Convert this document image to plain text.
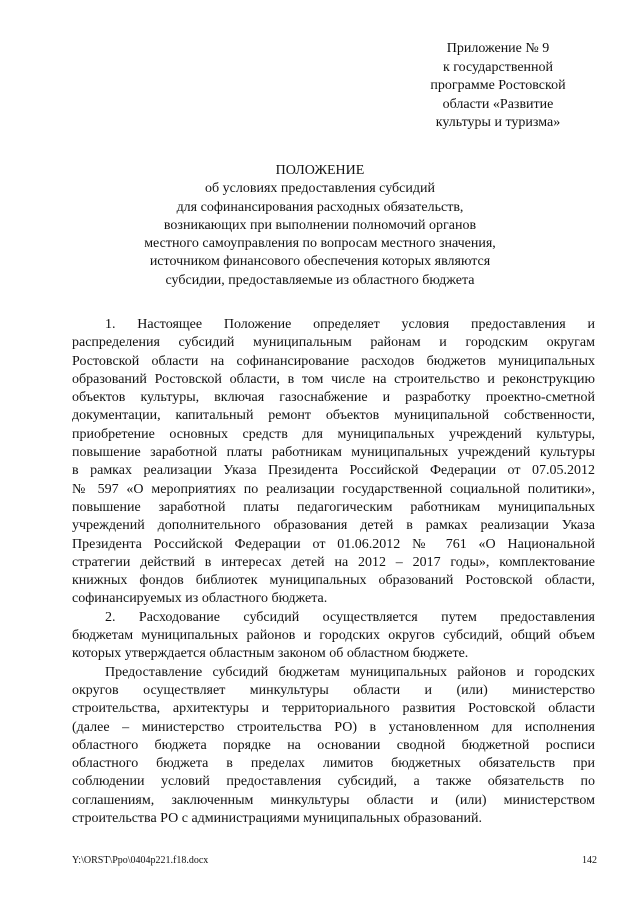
Приложение № 9
к государственной
программе Ростовской
области «Развитие
культуры и туризма»
ПОЛОЖЕНИЕ
об условиях предоставления субсидий
для софинансирования расходных обязательств,
возникающих при выполнении полномочий органов
местного самоуправления по вопросам местного значения,
источником финансового обеспечения которых являются
субсидии, предоставляемые из областного бюджета
1. Настоящее Положение определяет условия предоставления и
распределения субсидий муниципальным районам и городским округам
Ростовской области на софинансирование расходов бюджетов муниципальных
образований Ростовской области, в том числе на строительство и реконструкцию
объектов культуры, включая газоснабжение и разработку проектно-сметной
документации, капитальный ремонт объектов муниципальной собственности,
приобретение основных средств для муниципальных учреждений культуры,
повышение заработной платы работникам муниципальных учреждений культуры
в рамках реализации Указа Президента Российской Федерации от 07.05.2012
№ 597 «О мероприятиях по реализации государственной социальной политики»,
повышение заработной платы педагогическим работникам муниципальных
учреждений дополнительного образования детей в рамках реализации Указа
Президента Российской Федерации от 01.06.2012 № 761 «О Национальной
стратегии действий в интересах детей на 2012 – 2017 годы», комплектование
книжных фондов библиотек муниципальных образований Ростовской области,
софинансируемых из областного бюджета.
2. Расходование субсидий осуществляется путем предоставления
бюджетам муниципальных районов и городских округов субсидий, общий объем
которых утверждается областным законом об областном бюджете.
Предоставление субсидий бюджетам муниципальных районов и городских
округов осуществляет минкультуры области и (или) министерство
строительства, архитектуры и территориального развития Ростовской области
(далее – министерство строительства РО) в установленном для исполнения
областного бюджета порядке на основании сводной бюджетной росписи
областного бюджета в пределах лимитов бюджетных обязательств при
соблюдении условий предоставления субсидий, а также обязательств по
соглашениям, заключенным минкультуры области и (или) министерством
строительства РО с администрациями муниципальных образований.
Y:\ORST\Ppo\0404p221.f18.docx	142
